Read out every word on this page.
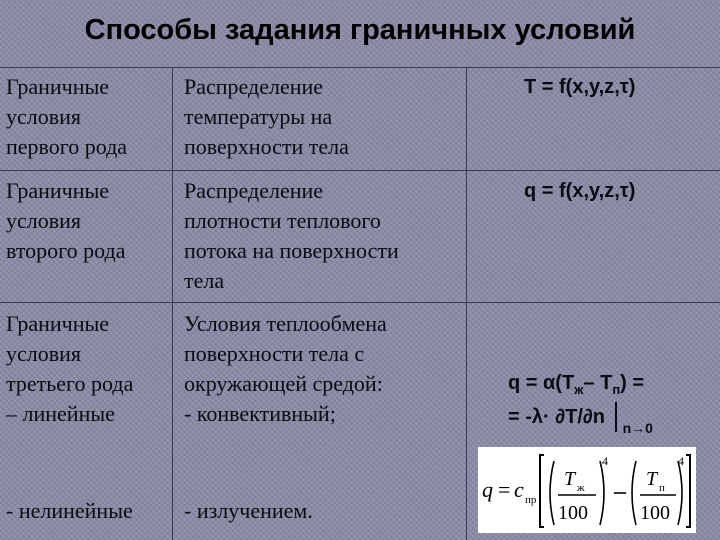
Способы задания граничных условий
Граничные
условия
первого рода
Распределение
температуры на
поверхности тела
T = f(x,y,z,τ)
Граничные
условия
второго рода
Распределение
плотности теплового
потока на поверхности
тела
q = f(x,y,z,τ)
Граничные
условия
третьего рода
– линейные
Условия теплообмена
поверхности тела с
окружающей средой:
- конвективный;
$q = \alpha(T_ж-$ $T_п$) =
= -λ· ∂T/∂n $_{n\to 0}$
- нелинейные	- излучением.
q = c пр
T ж
100
4
T п
100
4
